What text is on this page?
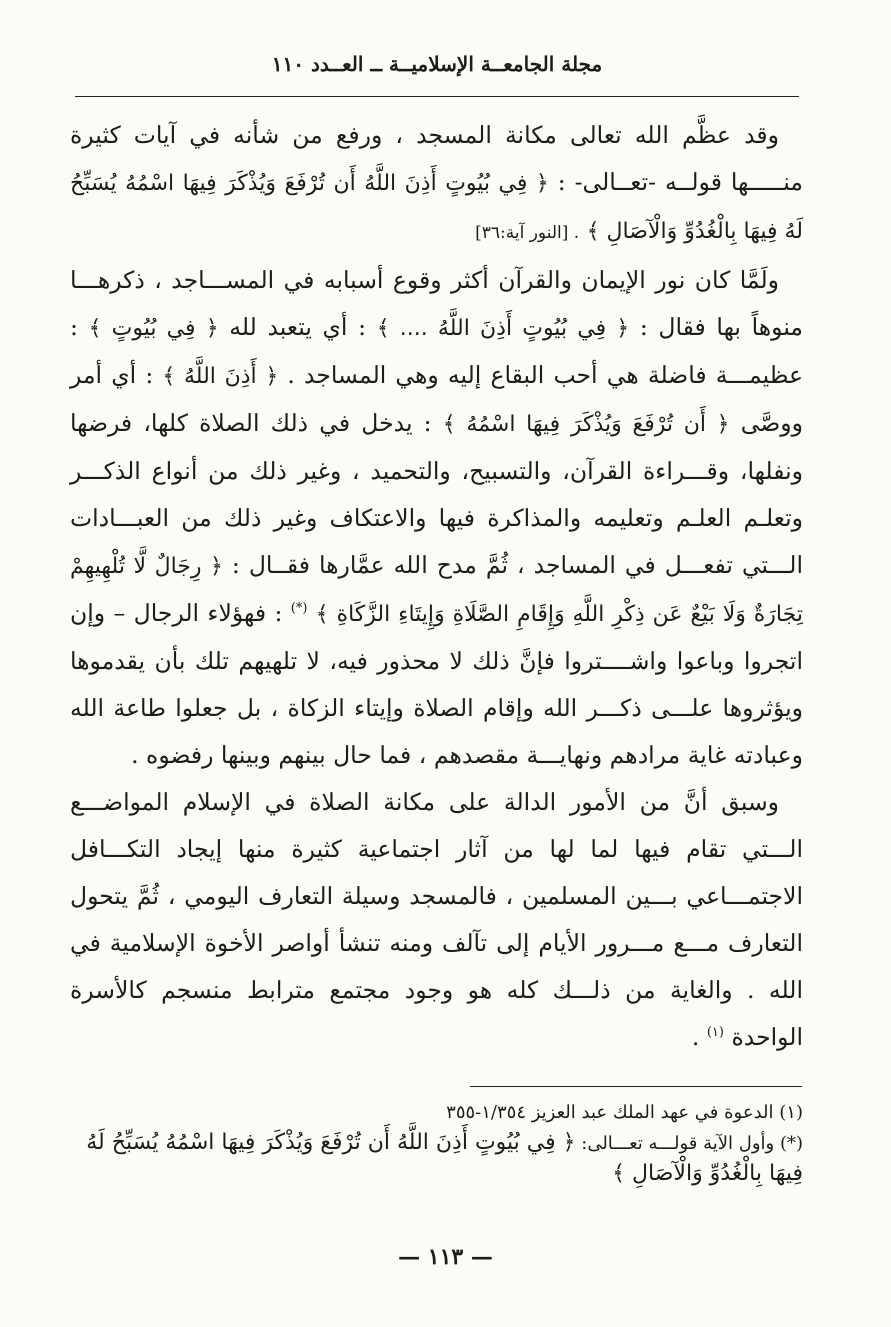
مجلة الجامعــة الإسلاميــة ــ العــدد ١١٠

وقد عظَّم الله تعالى مكانة المسجد ، ورفع من شأنه في آيات كثيرة منـــــها قولــه -تعــالى- : ﴿ فِي بُيُوتٍ أَذِنَ اللَّهُ أَن تُرْفَعَ وَيُذْكَرَ فِيهَا اسْمُهُ يُسَبِّحُ لَهُ فِيهَا بِالْغُدُوِّ وَالْآصَالِ ﴾ . [النور آية:٣٦]

ولَمَّا كان نور الإيمان والقرآن أكثر وقوع أسبابه في المســـاجد ، ذكرهـــا منوهاً بها فقال : ﴿ فِي بُيُوتٍ أَذِنَ اللَّهُ .... ﴾ : أي يتعبد لله ﴿ فِي بُيُوتٍ ﴾ : عظيمـــة فاضلة هي أحب البقاع إليه وهي المساجد . ﴿ أَذِنَ اللَّهُ ﴾ : أي أمر ووصَّى ﴿ أَن تُرْفَعَ وَيُذْكَرَ فِيهَا اسْمُهُ ﴾ : يدخل في ذلك الصلاة كلها، فرضها ونفلها، وقـــراءة القرآن، والتسبيح، والتحميد ، وغير ذلك من أنواع الذكـــر وتعلـم العلـم وتعليمه والمذاكرة فيها والاعتكاف وغير ذلك من العبـــادات الـــتي تفعـــل في المساجد ، ثُمَّ مدح الله عمَّارها فقــال : ﴿ رِجَالٌ لَّا تُلْهِيهِمْ تِجَارَةٌ وَلَا بَيْعٌ عَن ذِكْرِ اللَّهِ وَإِقَامِ الصَّلَاةِ وَإِيتَاءِ الزَّكَاةِ ﴾ (*) : فهؤلاء الرجال – وإن اتجروا وباعوا واشــــتروا فإنَّ ذلك لا محذور فيه، لا تلهيهم تلك بأن يقدموها ويؤثروها علـــى ذكـــر الله وإقام الصلاة وإيتاء الزكاة ، بل جعلوا طاعة الله وعبادته غاية مرادهم ونهايـــة مقصدهم ، فما حال بينهم وبينها رفضوه .

وسبق أنَّ من الأمور الدالة على مكانة الصلاة في الإسلام المواضـــع الـــتي تقام فيها لما لها من آثار اجتماعية كثيرة منها إيجاد التكـــافل الاجتمـــاعي بـــين المسلمين ، فالمسجد وسيلة التعارف اليومي ، ثُمَّ يتحول التعارف مـــع مـــرور الأيام إلى تآلف ومنه تنشأ أواصر الأخوة الإسلامية في الله . والغاية من ذلـــك كله هو وجود مجتمع مترابط منسجم كالأسرة الواحدة $^{(١)}$ .

(١) الدعوة في عهد الملك عبد العزيز ١/٣٥٤-٣٥٥

(*) وأول الآية قولـــه تعـــالى: ﴿ فِي بُيُوتٍ أَذِنَ اللَّهُ أَن تُرْفَعَ وَيُذْكَرَ فِيهَا اسْمُهُ يُسَبِّحُ لَهُ فِيهَا بِالْغُدُوِّ وَالْآصَالِ ﴾

— ١١٣ —
